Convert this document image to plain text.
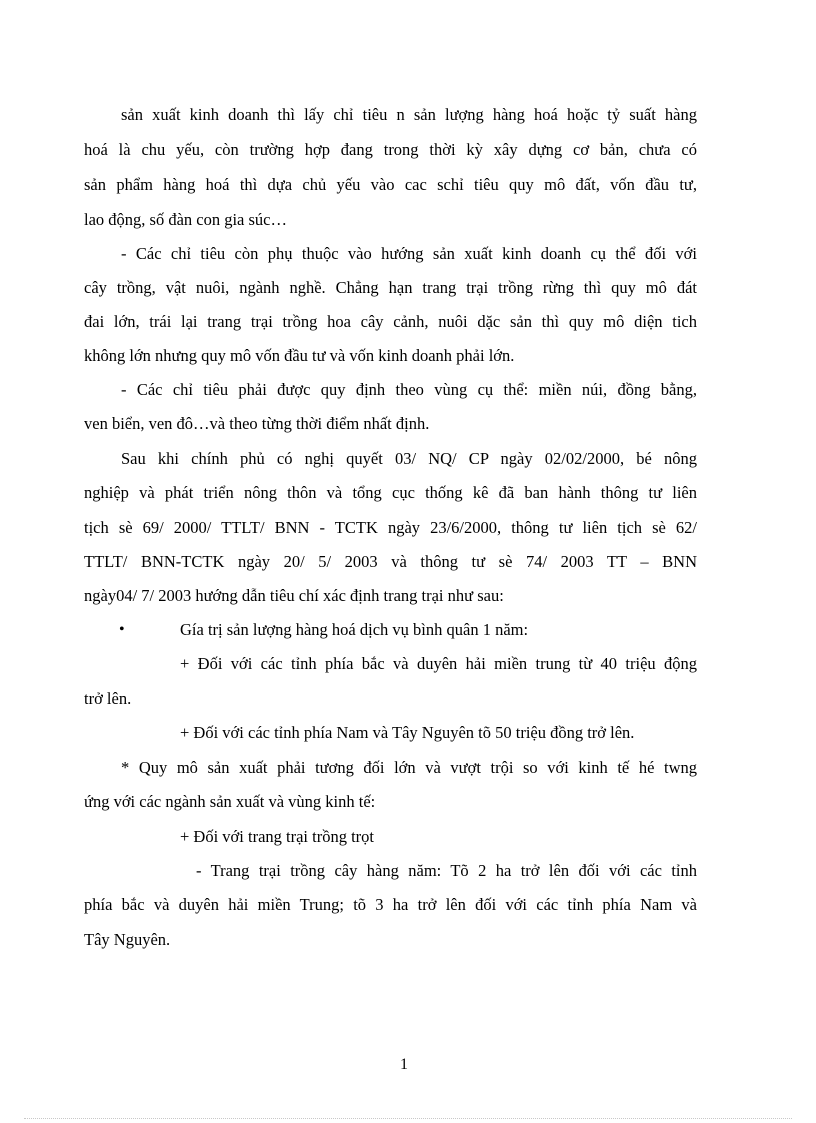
sản xuất kinh doanh thì lấy chỉ tiêu n sản lượng hàng hoá hoặc tỷ suất hàng
hoá là chu yếu, còn trường hợp đang trong thời kỳ xây dựng cơ bản, chưa có
sản phẩm hàng hoá thì dựa chủ yếu vào cac schỉ tiêu quy mô đất, vốn đầu tư,
lao động, số đàn con gia súc…
- Các chỉ tiêu còn phụ thuộc vào hướng sản xuất kinh doanh cụ thể đối với
cây trồng, vật nuôi, ngành nghề. Chẳng hạn trang trại trồng rừng thì quy mô đát
đai lớn, trái lại trang trại trồng hoa cây cảnh, nuôi dặc sản thì quy mô diện tich
không lớn nhưng quy mô vốn đầu tư và vốn kinh doanh phải lớn.
- Các chỉ tiêu phải được quy định theo vùng cụ thể: miền núi, đồng bằng,
ven biển, ven đô…và theo từng thời điểm nhất định.
Sau khi chính phủ có nghị quyết 03/ NQ/ CP ngày 02/02/2000, bé nông
nghiệp và phát triển nông thôn và tổng cục thống kê đã ban hành thông tư liên
tịch sè 69/ 2000/ TTLT/ BNN - TCTK ngày 23/6/2000, thông tư liên tịch sè 62/
TTLT/ BNN-TCTK ngày 20/ 5/ 2003 và thông tư sè 74/ 2003 TT – BNN
ngày04/ 7/ 2003 hướng dẫn tiêu chí xác định trang trại như sau:
•	Gía trị sản lượng hàng hoá dịch vụ bình quân 1 năm:
+ Đối với các tỉnh phía bắc và duyên hải miền trung từ 40 triệu động
trở lên.
+ Đối với các tỉnh phía Nam và Tây Nguyên tõ 50 triệu đồng trở lên.
* Quy mô sản xuất phải tương đối lớn và vượt trội so với kinh tế hé twng
ứng với các ngành sản xuất và vùng kinh tế:
+ Đối với trang trại trồng trọt
- Trang trại trồng cây hàng năm: Tõ 2 ha trở lên đối với các tỉnh
phía bắc và duyên hải miền Trung; tõ 3 ha trở lên đối với các tỉnh phía Nam và
Tây Nguyên.
1
